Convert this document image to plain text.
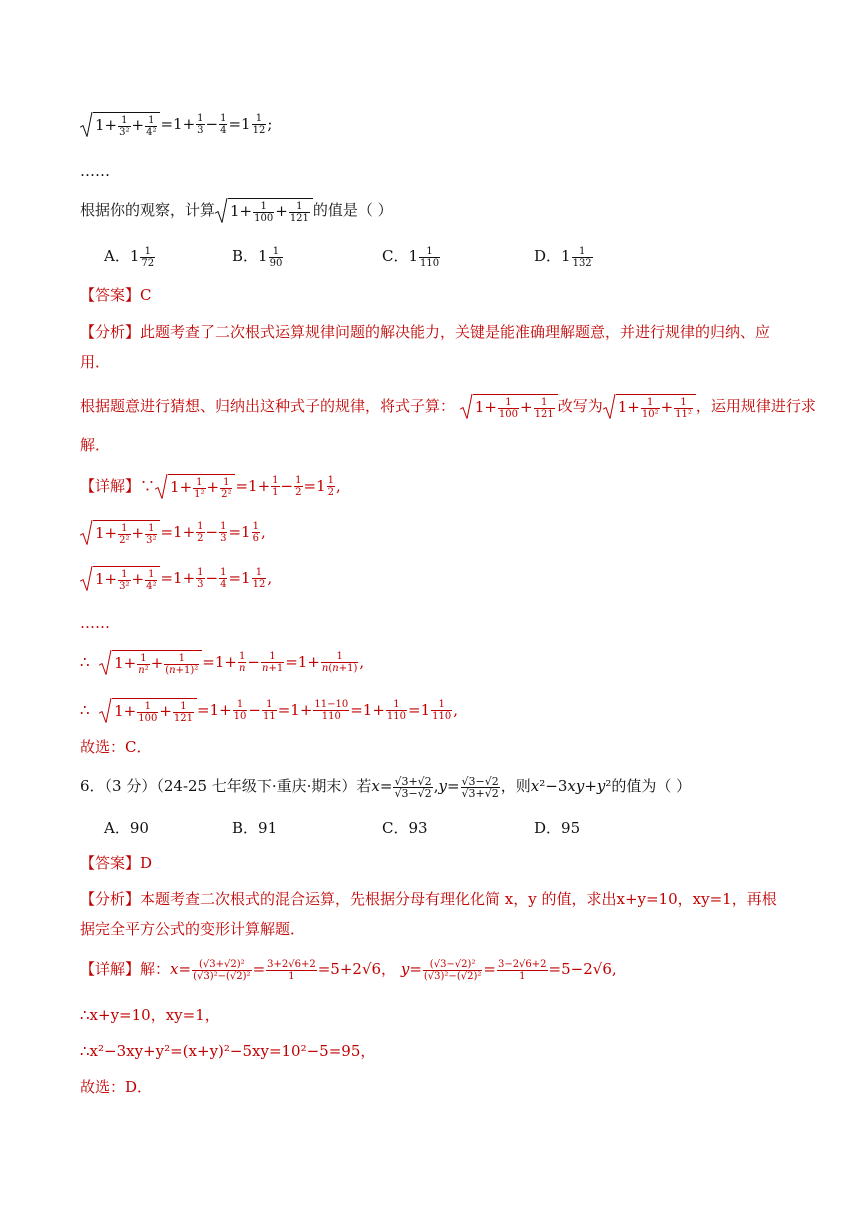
$1+ \frac{1}{\text{3²}} + \frac{1}{\text{4²}} =1+ \frac{1}{3} - \frac{1}{4} =1 \frac{1}{12}$ ;
……
根据你的观察，计算 $1+ \frac{1}{100} + \frac{1}{121}$ 的值是（ ）
A．$1 \frac{1}{72}$	B．$1 \frac{1}{90}$	C．$1 \frac{1}{110}$	D．$1 \frac{1}{132}$
【答案】C
【分析】此题考查了二次根式运算规律问题的解决能力，关键是能准确理解题意，并进行规律的归纳、应用．
根据题意进行猜想、归纳出这种式子的规律，将式子算： $1+ \frac{1}{100} + \frac{1}{121}$ 改写为 $1+ \frac{1}{\text{10²}} + \frac{1}{\text{11²}}$ ，运用规律进行求
解．
【详解】∵ $1+ \frac{1}{\text{1²}} + \frac{1}{\text{2²}} =1+ \frac{1}{1} - \frac{1}{2} =1 \frac{1}{2}$ ,
$1+ \frac{1}{\text{2²}} + \frac{1}{\text{3²}} =1+ \frac{1}{2} - \frac{1}{3} =1 \frac{1}{6}$ ,
$1+ \frac{1}{\text{3²}} + \frac{1}{\text{4²}} =1+ \frac{1}{3} - \frac{1}{4} =1 \frac{1}{12}$ ,
……
∴ $1+ \frac{1}{\text{n²}} + \frac{1}{\text{(n+1)²}} =1+ \frac{1}{n} - \frac{1}{n+1} =1+ \frac{1}{n(n+1)}$ ,
∴ $1+ \frac{1}{100} + \frac{1}{121} =1+ \frac{1}{10} - \frac{1}{11} =1+ \frac{11-10}{110} =1+ \frac{1}{110} =1 \frac{1}{110}$ ,
故选：C．
6．（3 分）（24-25 七年级下·重庆·期末）若$x= \frac{√3+√2}{√3-√2} ,y= \frac{√3-√2}{√3+√2}$ ，则x²−3xy+y²的值为（ ）
A．90	B．91	C．93	D．95
【答案】D
【分析】本题考查二次根式的混合运算，先根据分母有理化化简 x，y 的值，求出x+y=10，xy=1，再根据完全平方公式的变形计算解题．
【详解】解：$x= \frac{\text{(√3+√2)²}}{\text{(√3)²−(√2)²}} = \frac{3+2√6+2}{1} =5+2√6$， $y= \frac{\text{(√3−√2)²}}{\text{(√3)²−(√2)²}} = \frac{3-2√6+2}{1} =5-2√6$,
∴x+y=10，xy=1，
∴x²−3xy+y²=(x+y)²−5xy=10²−5=95，
故选：D．
